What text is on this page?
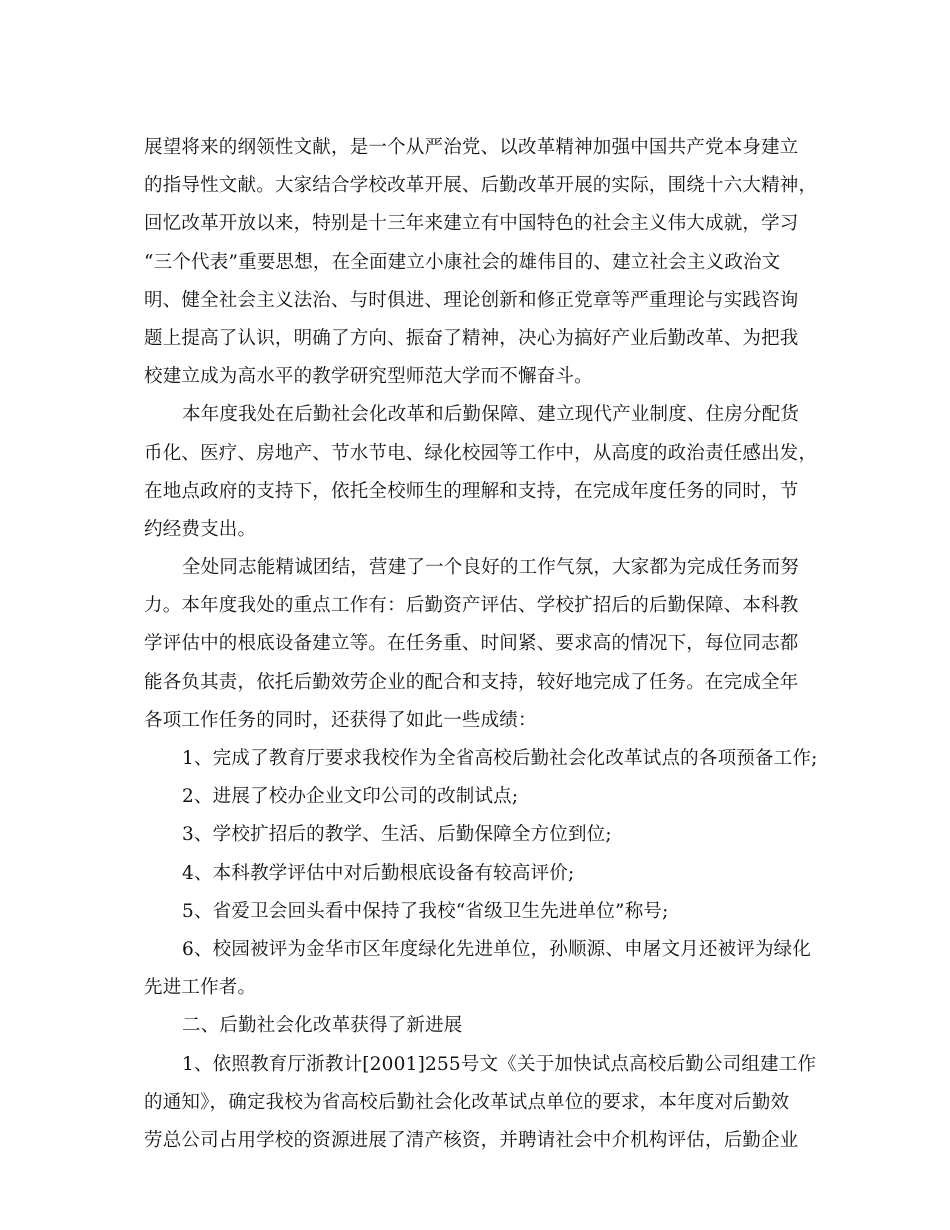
展望将来的纲领性文献，是一个从严治党、以改革精神加强中国共产党本身建立
的指导性文献。大家结合学校改革开展、后勤改革开展的实际，围绕十六大精神，
回忆改革开放以来，特别是十三年来建立有中国特色的社会主义伟大成就，学习
“三个代表”重要思想，在全面建立小康社会的雄伟目的、建立社会主义政治文
明、健全社会主义法治、与时俱进、理论创新和修正党章等严重理论与实践咨询
题上提高了认识，明确了方向、振奋了精神，决心为搞好产业后勤改革、为把我
校建立成为高水平的教学研究型师范大学而不懈奋斗。
本年度我处在后勤社会化改革和后勤保障、建立现代产业制度、住房分配货
币化、医疗、房地产、节水节电、绿化校园等工作中，从高度的政治责任感出发，
在地点政府的支持下，依托全校师生的理解和支持，在完成年度任务的同时，节
约经费支出。
全处同志能精诚团结，营建了一个良好的工作气氛，大家都为完成任务而努
力。本年度我处的重点工作有：后勤资产评估、学校扩招后的后勤保障、本科教
学评估中的根底设备建立等。在任务重、时间紧、要求高的情况下，每位同志都
能各负其责，依托后勤效劳企业的配合和支持，较好地完成了任务。在完成全年
各项工作任务的同时，还获得了如此一些成绩：
1、完成了教育厅要求我校作为全省高校后勤社会化改革试点的各项预备工作;
2、进展了校办企业文印公司的改制试点;
3、学校扩招后的教学、生活、后勤保障全方位到位;
4、本科教学评估中对后勤根底设备有较高评价;
5、省爱卫会回头看中保持了我校“省级卫生先进单位”称号;
6、校园被评为金华市区年度绿化先进单位，孙顺源、申屠文月还被评为绿化
先进工作者。
二、后勤社会化改革获得了新进展
1、依照教育厅浙教计[2001]255号文《关于加快试点高校后勤公司组建工作
的通知》，确定我校为省高校后勤社会化改革试点单位的要求，本年度对后勤效
劳总公司占用学校的资源进展了清产核资，并聘请社会中介机构评估，后勤企业
